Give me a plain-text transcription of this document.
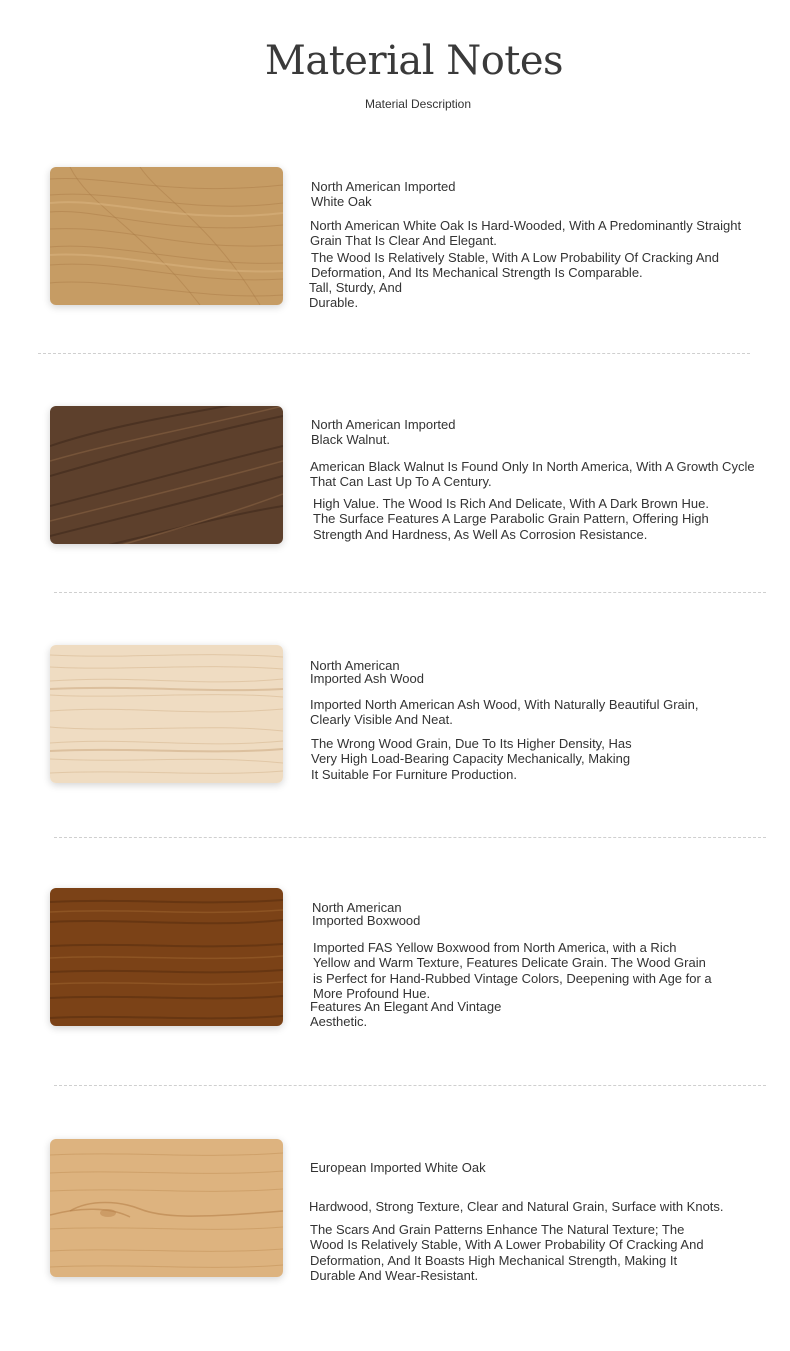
Material Notes

Material Description

North American Imported
White Oak
North American White Oak Is Hard-Wooded, With A Predominantly Straight
Grain That Is Clear And Elegant.
The Wood Is Relatively Stable, With A Low Probability Of Cracking And
Deformation, And Its Mechanical Strength Is Comparable.
Tall, Sturdy, And
Durable.
North American Imported
Black Walnut.
American Black Walnut Is Found Only In North America, With A Growth Cycle
That Can Last Up To A Century.
High Value. The Wood Is Rich And Delicate, With A Dark Brown Hue.
The Surface Features A Large Parabolic Grain Pattern, Offering High
Strength And Hardness, As Well As Corrosion Resistance.
North American
Imported Ash Wood
Imported North American Ash Wood, With Naturally Beautiful Grain,
Clearly Visible And Neat.
The Wrong Wood Grain, Due To Its Higher Density, Has
Very High Load-Bearing Capacity Mechanically, Making
It Suitable For Furniture Production.
North American
Imported Boxwood
Imported FAS Yellow Boxwood from North America, with a Rich
Yellow and Warm Texture, Features Delicate Grain. The Wood Grain
is Perfect for Hand-Rubbed Vintage Colors, Deepening with Age for a
More Profound Hue.
Features An Elegant And Vintage
Aesthetic.
European Imported White Oak
Hardwood, Strong Texture, Clear and Natural Grain, Surface with Knots.
The Scars And Grain Patterns Enhance The Natural Texture; The
Wood Is Relatively Stable, With A Lower Probability Of Cracking And
Deformation, And It Boasts High Mechanical Strength, Making It
Durable And Wear-Resistant.
